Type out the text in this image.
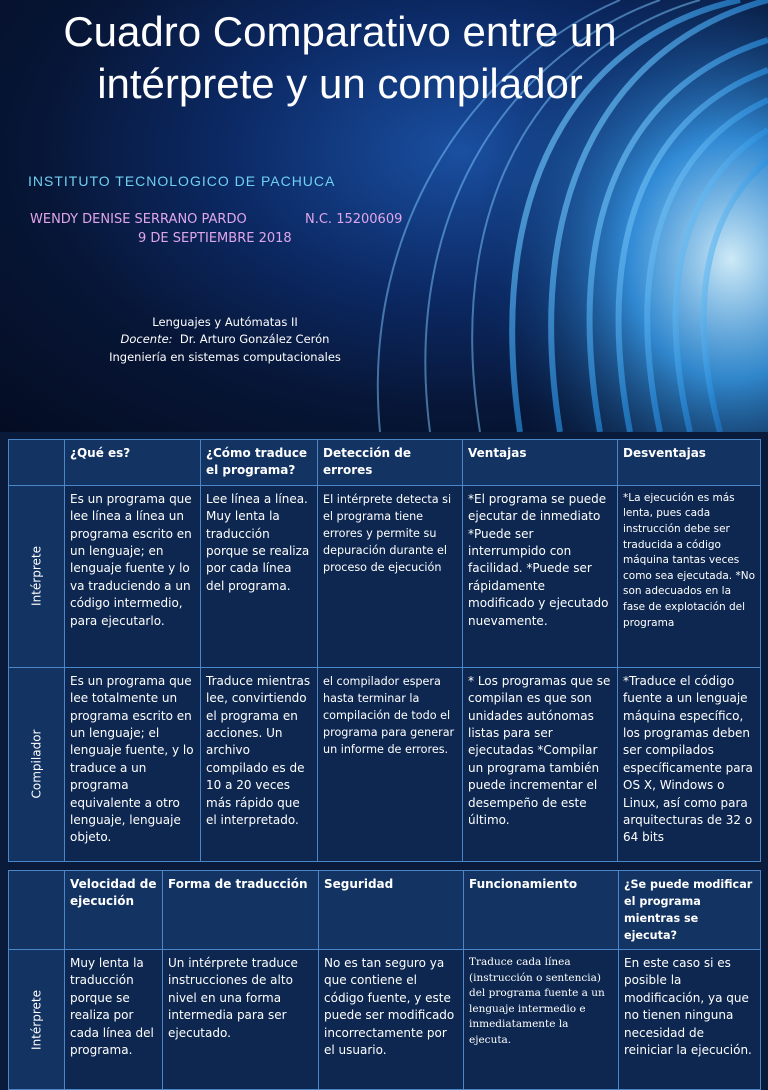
Cuadro Comparativo entre un intérprete y un compilador
INSTITUTO TECNOLOGICO DE PACHUCA
WENDY DENISE SERRANO PARDO	N.C. 15200609
9 DE SEPTIEMBRE 2018
Lenguajes y Autómatas II
Docente: Dr. Arturo González Cerón
Ingeniería en sistemas computacionales
	¿Qué es?	¿Cómo traduce el programa?	Detección de errores	Ventajas	Desventajas

Intérprete	Es un programa que lee línea a línea un programa escrito en un lenguaje; en lenguaje fuente y lo va traduciendo a un código intermedio, para ejecutarlo.	Lee línea a línea. Muy lenta la traducción porque se realiza por cada línea del programa.	El intérprete detecta si el programa tiene errores y permite su depuración durante el proceso de ejecución	*El programa se puede ejecutar de inmediato *Puede ser interrumpido con facilidad. *Puede ser rápidamente modificado y ejecutado nuevamente.	*La ejecución es más lenta, pues cada instrucción debe ser traducida a código máquina tantas veces como sea ejecutada. *No son adecuados en la fase de explotación del programa

Compilador	Es un programa que lee totalmente un programa escrito en un lenguaje; el lenguaje fuente, y lo traduce a un programa equivalente a otro lenguaje, lenguaje objeto.	Traduce mientras lee, convirtiendo el programa en acciones. Un archivo compilado es de 10 a 20 veces más rápido que el interpretado.	el compilador espera hasta terminar la compilación de todo el programa para generar un informe de errores.	* Los programas que se compilan es que son unidades autónomas listas para ser ejecutadas *Compilar un programa también puede incrementar el desempeño de este último.	*Traduce el código fuente a un lenguaje máquina específico, los programas deben ser compilados específicamente para OS X, Windows o Linux, así como para arquitecturas de 32 o 64 bits
	Velocidad de ejecución	Forma de traducción	Seguridad	Funcionamiento	¿Se puede modificar el programa mientras se ejecuta?

Intérprete	Muy lenta la traducción porque se realiza por cada línea del programa.	Un intérprete traduce instrucciones de alto nivel en una forma intermedia para ser ejecutado.	No es tan seguro ya que contiene el código fuente, y este puede ser modificado incorrectamente por el usuario.	Traduce cada línea (instrucción o sentencia) del programa fuente a un lenguaje intermedio e inmediatamente la ejecuta.	En este caso si es posible la modificación, ya que no tienen ninguna necesidad de reiniciar la ejecución.
